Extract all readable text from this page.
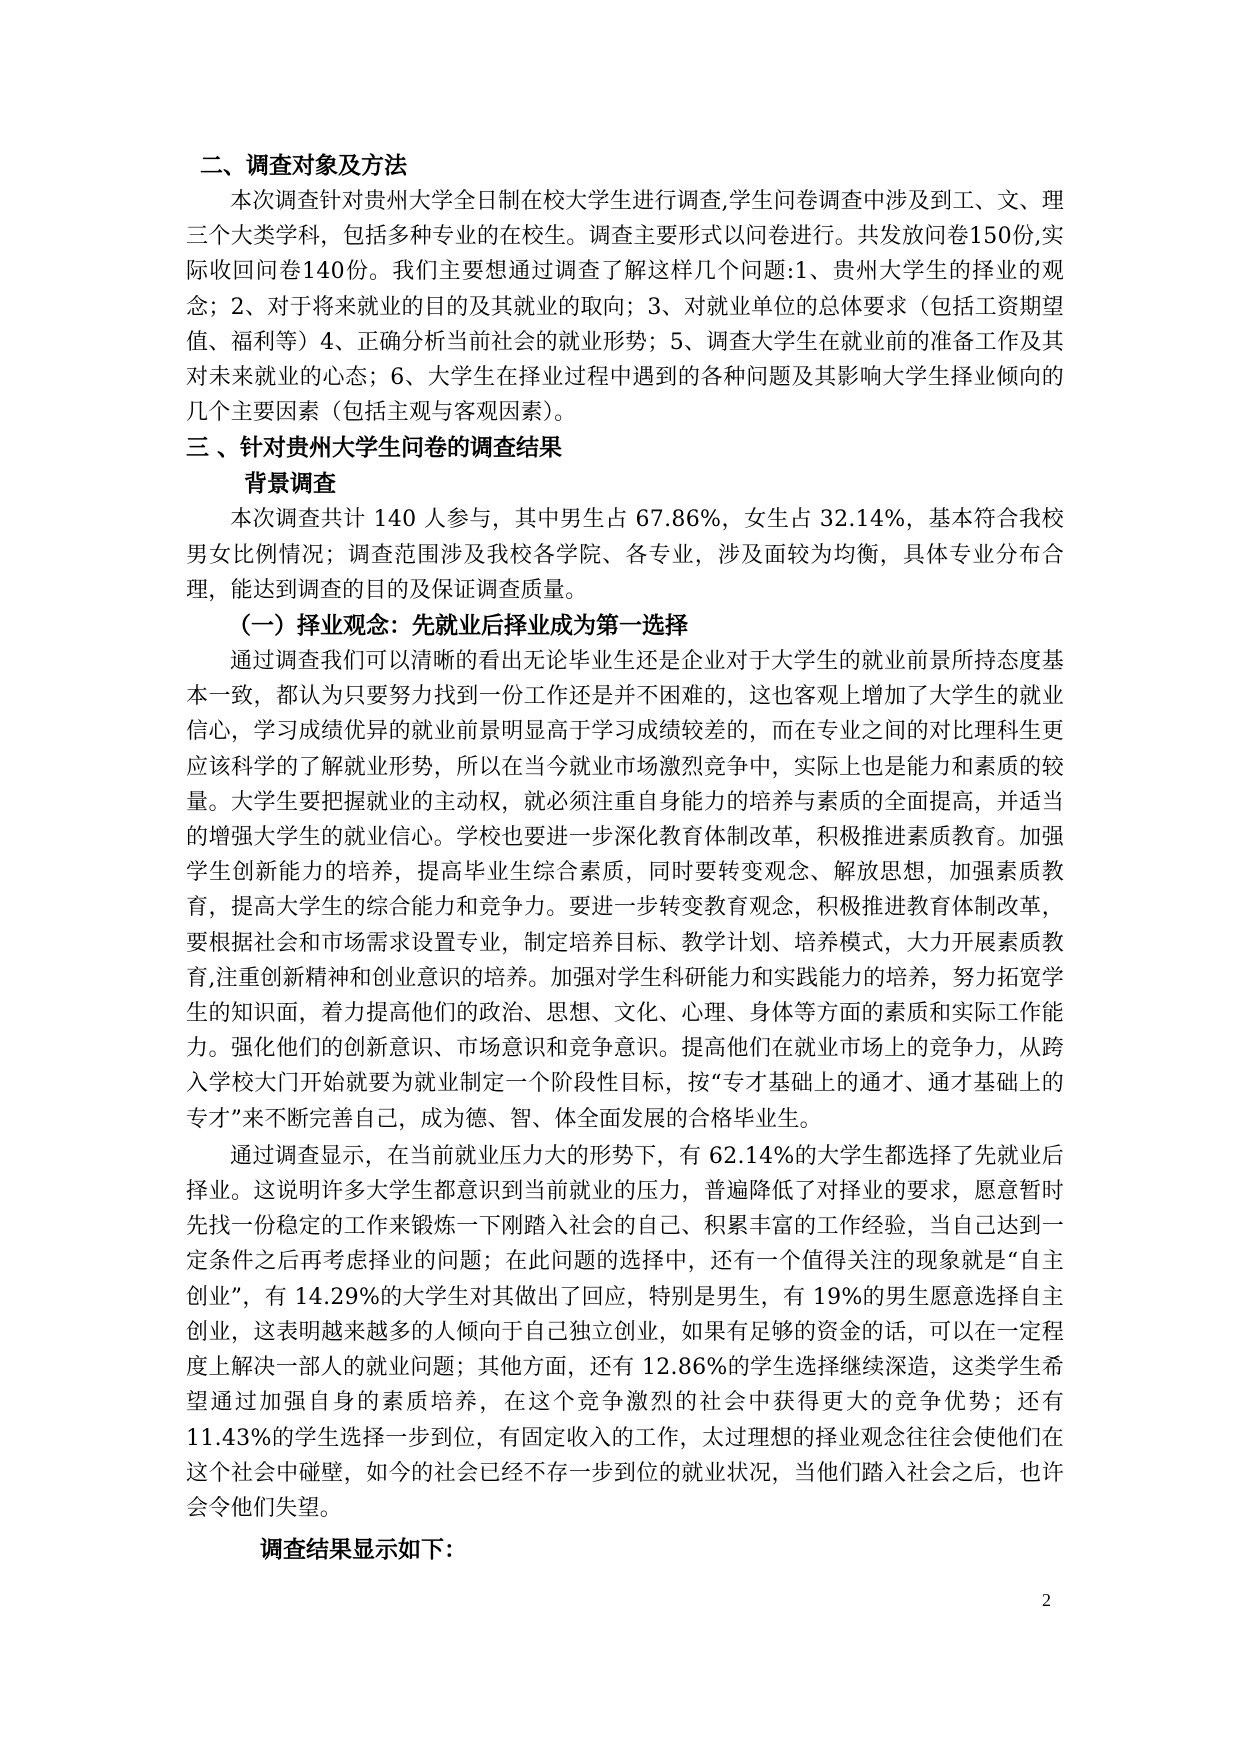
二、调查对象及方法

本次调查针对贵州大学全日制在校大学生进行调查,学生问卷调查中涉及到工、文、理三个大类学科，包括多种专业的在校生。调查主要形式以问卷进行。共发放问卷150份,实际收回问卷140份。我们主要想通过调查了解这样几个问题:1、贵州大学生的择业的观念；2、对于将来就业的目的及其就业的取向；3、对就业单位的总体要求（包括工资期望值、福利等）4、正确分析当前社会的就业形势；5、调查大学生在就业前的准备工作及其对未来就业的心态；6、大学生在择业过程中遇到的各种问题及其影响大学生择业倾向的几个主要因素（包括主观与客观因素）。

三 、针对贵州大学生问卷的调查结果

背景调查

本次调查共计 140 人参与，其中男生占 67.86%，女生占 32.14%，基本符合我校男女比例情况；调查范围涉及我校各学院、各专业，涉及面较为均衡，具体专业分布合理，能达到调查的目的及保证调查质量。

（一）择业观念：先就业后择业成为第一选择

通过调查我们可以清晰的看出无论毕业生还是企业对于大学生的就业前景所持态度基本一致，都认为只要努力找到一份工作还是并不困难的，这也客观上增加了大学生的就业信心，学习成绩优异的就业前景明显高于学习成绩较差的，而在专业之间的对比理科生更应该科学的了解就业形势，所以在当今就业市场激烈竞争中，实际上也是能力和素质的较量。大学生要把握就业的主动权，就必须注重自身能力的培养与素质的全面提高，并适当的增强大学生的就业信心。学校也要进一步深化教育体制改革，积极推进素质教育。加强学生创新能力的培养，提高毕业生综合素质，同时要转变观念、解放思想，加强素质教育，提高大学生的综合能力和竞争力。要进一步转变教育观念，积极推进教育体制改革，要根据社会和市场需求设置专业，制定培养目标、教学计划、培养模式，大力开展素质教育,注重创新精神和创业意识的培养。加强对学生科研能力和实践能力的培养，努力拓宽学生的知识面，着力提高他们的政治、思想、文化、心理、身体等方面的素质和实际工作能力。强化他们的创新意识、市场意识和竞争意识。提高他们在就业市场上的竞争力，从跨入学校大门开始就要为就业制定一个阶段性目标，按“专才基础上的通才、通才基础上的专才”来不断完善自己，成为德、智、体全面发展的合格毕业生。

通过调查显示，在当前就业压力大的形势下，有 62.14%的大学生都选择了先就业后择业。这说明许多大学生都意识到当前就业的压力，普遍降低了对择业的要求，愿意暂时先找一份稳定的工作来锻炼一下刚踏入社会的自己、积累丰富的工作经验，当自己达到一定条件之后再考虑择业的问题；在此问题的选择中，还有一个值得关注的现象就是“自主创业”，有 14.29%的大学生对其做出了回应，特别是男生，有 19%的男生愿意选择自主创业，这表明越来越多的人倾向于自己独立创业，如果有足够的资金的话，可以在一定程度上解决一部人的就业问题；其他方面，还有 12.86%的学生选择继续深造，这类学生希望通过加强自身的素质培养，在这个竞争激烈的社会中获得更大的竞争优势；还有 11.43%的学生选择一步到位，有固定收入的工作，太过理想的择业观念往往会使他们在这个社会中碰壁，如今的社会已经不存一步到位的就业状况，当他们踏入社会之后，也许会令他们失望。

调查结果显示如下：

2
